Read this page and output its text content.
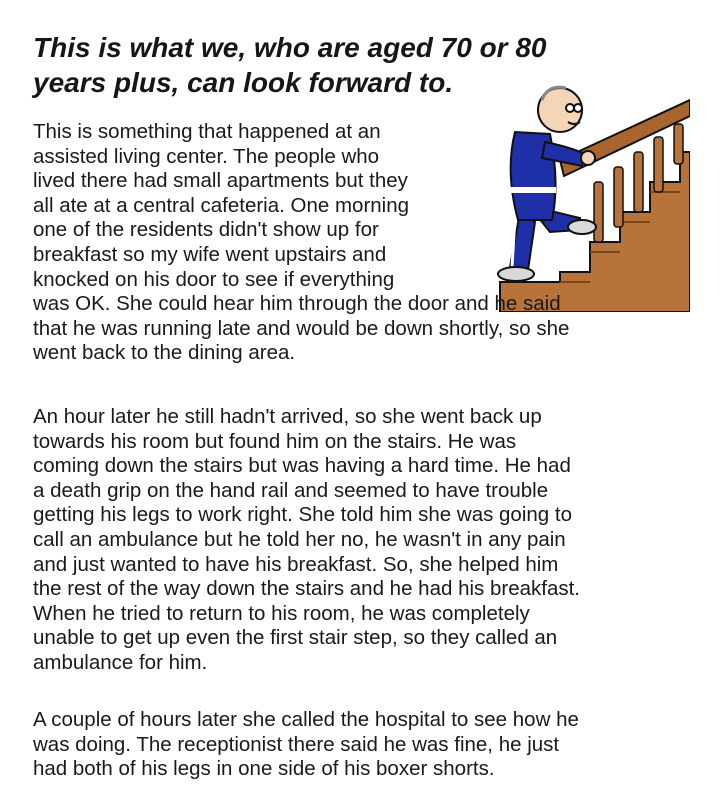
This is what we, who are aged 70 or 80
years plus, can look forward to.

This is something that happened at an
assisted living center. The people who
lived there had small apartments but they
all ate at a central cafeteria. One morning
one of the residents didn't show up for
breakfast so my wife went upstairs and
knocked on his door to see if everything
was OK. She could hear him through the door and he said
that he was running late and would be down shortly, so she
went back to the dining area.

An hour later he still hadn't arrived, so she went back up
towards his room but found him on the stairs. He was
coming down the stairs but was having a hard time. He had
a death grip on the hand rail and seemed to have trouble
getting his legs to work right. She told him she was going to
call an ambulance but he told her no, he wasn't in any pain
and just wanted to have his breakfast. So, she helped him
the rest of the way down the stairs and he had his breakfast.
When he tried to return to his room, he was completely
unable to get up even the first stair step, so they called an
ambulance for him.

A couple of hours later she called the hospital to see how he
was doing. The receptionist there said he was fine, he just
had both of his legs in one side of his boxer shorts.
